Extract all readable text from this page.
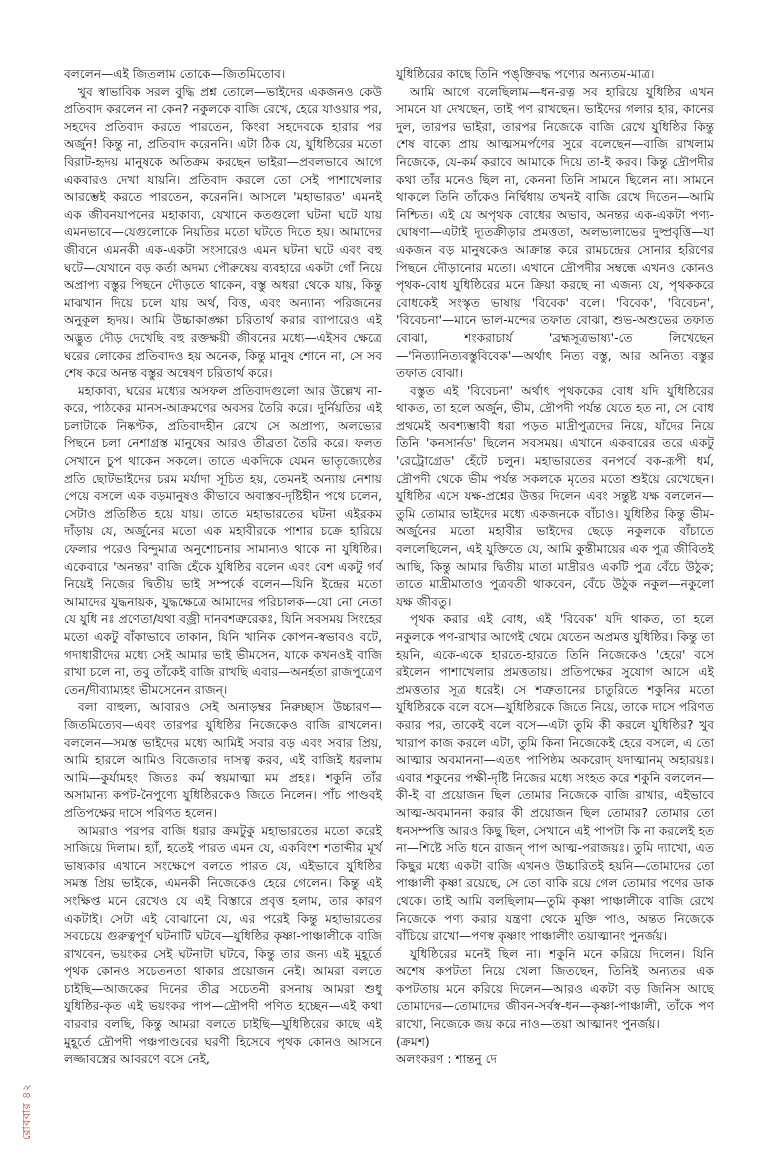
বললেন—এই জিতলাম তোকে—জিতমিতোব।

খুব স্বাভাবিক সরল বুদ্ধি প্রশ্ন তোলে—ভাইদের একজনও কেউ প্রতিবাদ করলেন না কেন? নকুলকে বাজি রেখে, হেরে যাওয়ার পর, সহদেব প্রতিবাদ করতে পারতেন, কিংবা সহদেবকে হারার পর অর্জুন! কিন্তু না, প্রতিবাদ করেননি। এটা ঠিক যে, যুধিষ্ঠিরের মতো বিরাট-হৃদয় মানুষকে অতিক্রম করছেন ভাইরা—প্রবলভাবে আগে একবারও দেখা যায়নি। প্রতিবাদ করলে তো সেই পাশাখেলার আরম্ভেই করতে পারতেন, করেননি। আসলে 'মহাভারত' এমনই এক জীবনযাপনের মহাকাব্য, যেখানে কতগুলো ঘটনা ঘটে যায় এমনভাবে—যেগুলোকে নিয়তির মতো ঘটতে দিতে হয়। আমাদের জীবনে এমনকী এক-একটা সংসারেও এমন ঘটনা ঘটে এবং বহু ঘটে—যেখানে বড় কর্তা অদম্য পৌরুষেয় ব্যবহারে একটা গোঁ নিয়ে অপ্রাপ্য বস্তুর পিছনে দৌড়তে থাকেন, বস্তু অধরা থেকে যায়, কিন্তু মাঝখান দিয়ে চলে যায় অর্থ, বিত্ত, এবং অন্যান্য পরিজনের অনুকূল হৃদয়। আমি উচ্চাকাঙ্ক্ষা চরিতার্থ করার ব্যাপারেও এই অদ্ভুত দৌড় দেখেছি বহু রক্তক্ষয়ী জীবনের মধ্যে—এইসব ক্ষেত্রে ঘরের লোকের প্রতিবাদও হয় অনেক, কিন্তু মানুষ শোনে না, সে সব শেষ করে অনন্ত বস্তুর অন্বেষণ চরিতার্থ করে।

মহাকাব্য, ঘরের মধ্যের অসফল প্রতিবাদগুলো আর উল্লেখ না-করে, পাঠকের মানস-আক্রমণের অবসর তৈরি করে। দুর্নিয়তির এই চলাটাকে নিষ্কণ্টক, প্রতিবাদহীন রেখে সে অপ্রাপ্য, অলভ্যের পিছনে চলা নেশাগ্রস্ত মানুষের আরও তীব্রতা তৈরি করে। ফলত সেখানে চুপ থাকেন সকলে। তাতে একদিকে যেমন ভাতৃজ্যেষ্ঠের প্রতি ছোটভাইদের চরম মর্যাদা সূচিত হয়, তেমনই অন্যায় নেশায় পেয়ে বসলে এক বড়মানুষও কীভাবে অবাস্তব-দৃষ্টিহীন পথে চলেন, সেটাও প্রতিষ্ঠিত হয়ে যায়। তাতে মহাভারতের ঘটনা এইরকম দাঁড়ায় যে, অর্জুনের মতো এক মহাবীরকে পাশার চক্রে হারিয়ে ফেলার পরেও বিন্দুমাত্র অনুশোচনার সামান্যও থাকে না যুধিষ্ঠির। একেবারে 'অনন্তর' বাজি হেঁকে যুধিষ্ঠির বলেন এবং বেশ একটু গর্ব নিয়েই নিজের দ্বিতীয় ভাই সম্পর্কে বলেন—যিনি ইন্দ্রের মতো আমাদের যুদ্ধনায়ক, যুদ্ধক্ষেত্রে আমাদের পরিচালক—যো নো নেতা যে যুধি নঃ প্রণেতা/যথা বজ্রী দানবশত্রুরেকঃ, যিনি সবসময় সিংহের মতো একটু বাঁকাভাবে তাকান, যিনি খানিক কোপন-স্বভাবও বটে, গদাধারীদের মধ্যে সেই আমার ভাই ভীমসেন, যাকে কখনওই বাজি রাখা চলে না, তবু তাঁকেই বাজি রাখছি এবার—অনর্হতা রাজপুত্রেণ তেন/দীব্যাম্যহং ভীমসেনেন রাজন্।

বলা বাহুল্য, আবারও সেই অনাড়ম্বর নিরুচ্ছাস উচ্চারণ—জিতমিত্যেব—এবং তারপর যুধিষ্ঠির নিজেকেও বাজি রাখলেন। বললেন—সমস্ত ভাইদের মধ্যে আমিই সবার বড় এবং সবার প্রিয়, আমি হারলে আমিও বিজেতার দাসত্ব করব, এই বাজিই ধরলাম আমি—কুর্যামহং জিতঃ কর্ম স্বয়মাত্মা মম প্রহঃ। শকুনি তাঁর অসামান্য কপট-নৈপুণ্যে যুধিষ্ঠিরকেও জিতে নিলেন। পাঁচ পাণ্ডবই প্রতিপক্ষের দাসে পরিণত হলেন।

আমরাও পরপর বাজি ধরার ক্রমটুকু মহাভারতের মতো করেই সাজিয়ে দিলাম। হ্যাঁ, হতেই পারত এমন যে, একবিংশ শতাব্দীর মূর্খ ভাষ্যকার এখানে সংক্ষেপে বলতে পারত যে, এইভাবে যুধিষ্ঠির সমস্ত প্রিয় ভাইকে, এমনকী নিজেকেও হেরে গেলেন। কিন্তু এই সংক্ষিপ্ত মনে রেখেও যে এই বিস্তারে প্রবৃত্ত হলাম, তার কারণ একটাই। সেটা এই বোঝানো যে, এর পরেই কিন্তু মহাভারতের সবচেয়ে গুরুত্বপূর্ণ ঘটনাটি ঘটবে—যুধিষ্ঠির কৃষ্ণা-পাঞ্চালীকে বাজি রাখবেন, ভয়ংকর সেই ঘটনাটা ঘটবে, কিন্তু তার জন্য এই মুহূর্তে পৃথক কোনও সচেতনতা থাকার প্রয়োজন নেই। আমরা বলতে চাইছি—আজকের দিনের তীব্র সচেতনী রসনায় আমরা শুধু যুধিষ্ঠির-কৃত এই ভয়ংকর পাপ—দ্রৌপদী পণিত হচ্ছেন—এই কথা বারবার বলছি, কিন্তু আমরা বলতে চাইছি—যুধিষ্ঠিরের কাছে এই মুহূর্তে দ্রৌপদী পঞ্চপাণ্ডবের ঘরণী হিসেবে পৃথক কোনও আসনে লজ্জাবস্ত্রের আবরণে বসে নেই,

যুধিষ্ঠিরের কাছে তিনি পঙ্‌ক্তিবদ্ধ পণ্যের অন্যতম-মাত্র।

আমি আগে বলেছিলাম—ধন-রত্ন সব হারিয়ে যুধিষ্ঠির এখন সামনে যা দেখছেন, তাই পণ রাখছেন। ভাইদের গলার হার, কানের দুল, তারপর ভাইরা, তারপর নিজেকে বাজি রেখে যুধিষ্ঠির কিন্তু শেষ বাক্যে প্রায় আত্মসমর্পণের সুরে বলেছেন—বাজি রাখলাম নিজেকে, যে-কর্ম করাবে আমাকে দিয়ে তা-ই করব। কিন্তু দ্রৌপদীর কথা তাঁর মনেও ছিল না, কেননা তিনি সামনে ছিলেন না। সামনে থাকলে তিনি তাঁকেও নির্দ্বিধায় তখনই বাজি রেখে দিতেন—আমি নিশ্চিত। এই যে অপৃথক বোধের অভাব, অনন্তর এক-একটা পণ্য-ঘোষণা—এটাই দ্যূতক্রীড়ার প্রমত্ততা, অলভ্যলাভের দুষ্প্রবৃত্তি—যা একজন বড় মানুষকেও আক্রান্ত করে রামচন্দ্রের সোনার হরিণের পিছনে দৌড়ানোর মতো। এখানে দ্রৌপদীর সম্বন্ধে এখনও কোনও পৃথক-বোধ যুধিষ্ঠিরের মনে ক্রিয়া করছে না এজন্য যে, পৃথককরে বোধকেই সংস্কৃত ভাষায় 'বিবেক' বলে। 'বিবেক', 'বিবেচন', 'বিবেচনা'—মানে ভাল-মন্দের তফাত বোঝা, শুভ-অশুভের তফাত বোঝা, শংকরাচার্য 'ব্রহ্মসূত্রভাষ্য'-তে লিখেছেন—'নিত্যানিত্যবস্তুবিবেক'—অর্থাৎ নিত্য বস্তু, আর অনিত্য বস্তুর তফাত বোঝা।

বস্তুত এই 'বিবেচনা' অর্থাৎ পৃথককের বোধ যদি যুধিষ্ঠিরের থাকত, তা হলে অর্জুন, ভীম, দ্রৌপদী পর্যন্ত যেতে হত না, সে বোধ প্রথমেই অবশ্যম্ভাবী ধরা পড়ত মাদ্রীপুত্রদের নিয়ে, যাঁদের নিয়ে তিনি 'কনসার্নড' ছিলেন সবসময়। এখানে একবারের তরে একটু 'রেট্রোগ্রেড' হেঁটে চলুন। মহাভারতের বনপর্বে বক-রূপী ধর্ম, দ্রৌপদী থেকে ভীম পর্যন্ত সকলকে মৃতের মতো শুইয়ে রেখেছেন। যুধিষ্ঠির এসে যক্ষ-প্রশ্নের উত্তর দিলেন এবং সন্তুষ্ট যক্ষ বললেন—তুমি তোমার ভাইদের মধ্যে একজনকে বাঁচাও। যুধিষ্ঠির কিন্তু ভীম-অর্জুনের মতো মহাবীর ভাইদের ছেড়ে নকুলকে বাঁচাতে বললেছিলেন, এই যুক্তিতে যে, আমি কুন্তীমায়ের এক পুত্র জীবিতই আছি, কিন্তু আমার দ্বিতীয় মাতা মাদ্রীরও একটি পুত্র বেঁচে উঠুক; তাতে মাদ্রীমাতাও পুত্রবতী থাকবেন, বেঁচে উঠুক নকুল—নকুলো যক্ষ জীবতু।

পৃথক করার এই বোধ, এই 'বিবেক' যদি থাকত, তা হলে নকুলকে পণ-রাখার আগেই থেমে যেতেন অপ্রমত্ত যুধিষ্ঠির। কিন্তু তা হয়নি, একে-একে হারতে-হারতে তিনি নিজেকেও 'হেরে' বসে রইলেন পাশাখেলার প্রমত্ততায়। প্রতিপক্ষের সুযোগ আসে এই প্রমত্ততার সূত্র ধরেই। সে শত্রুতানের চাতুরিতে শকুনির মতো যুধিষ্ঠিরকে বলে বসে—যুধিষ্ঠিরকে জিতে নিয়ে, তাকে দাসে পরিণত করার পর, তাকেই বলে বসে—এটা তুমি কী করলে যুধিষ্ঠির? খুব খারাপ কাজ করলে এটা, তুমি কিনা নিজেকেই হেরে বসলে, এ তো আত্মার অবমাননা—এতৎ পাপিষ্ঠম অকরোদ্ যদাত্মানম্ অহারয়ঃ। এবার শকুনের পক্ষী-দৃষ্টি নিজের মধ্যে সংহত করে শকুনি বললেন—কী-ই বা প্রয়োজন ছিল তোমার নিজেকে বাজি রাখার, এইভাবে আত্ম-অবমাননা করার কী প্রয়োজন ছিল তোমার? তোমার তো ধনসম্পত্তি আরও কিছু ছিল, সেখানে এই পাপটা কি না করলেই হত না—শিষ্টে সতি ধনে রাজন্ পাপ আত্ম-পরাজয়ঃ। তুমি দ্যাখো, এত কিছুর মধ্যে একটা বাজি এখনও উচ্চারিতই হয়নি—তোমাদের তো পাঞ্চালী কৃষ্ণা রয়েছে, সে তো বাকি রয়ে গেল তোমার পণের ডাক থেকে। তাই আমি বলছিলাম—তুমি কৃষ্ণা পাঞ্চালীকে বাজি রেখে নিজেকে পণ্য করার যন্ত্রণা থেকে মুক্তি পাও, অন্তত নিজেকে বাঁচিয়ে রাখো—পণস্ব কৃষ্ণাং পাঞ্চালীং তয়াত্মানং পুনর্জয়।

যুধিষ্ঠিরের মনেই ছিল না। শকুনি মনে করিয়ে দিলেন। যিনি অশেষ কপটতা নিয়ে খেলা জিতছেন, তিনিই অন্যতর এক কপটতায় মনে করিয়ে দিলেন—আরও একটা বড় জিনিস আছে তোমাদের—তোমাদের জীবন-সর্বস্ব-ধন—কৃষ্ণা-পাঞ্চালী, তাঁকে পণ রাখো, নিজেকে জয় করে নাও—তয়া আত্মানং পুনর্জয়।

(ক্রমশ)

অলংকরণ : শান্তনু দে

রোববার ৪২
